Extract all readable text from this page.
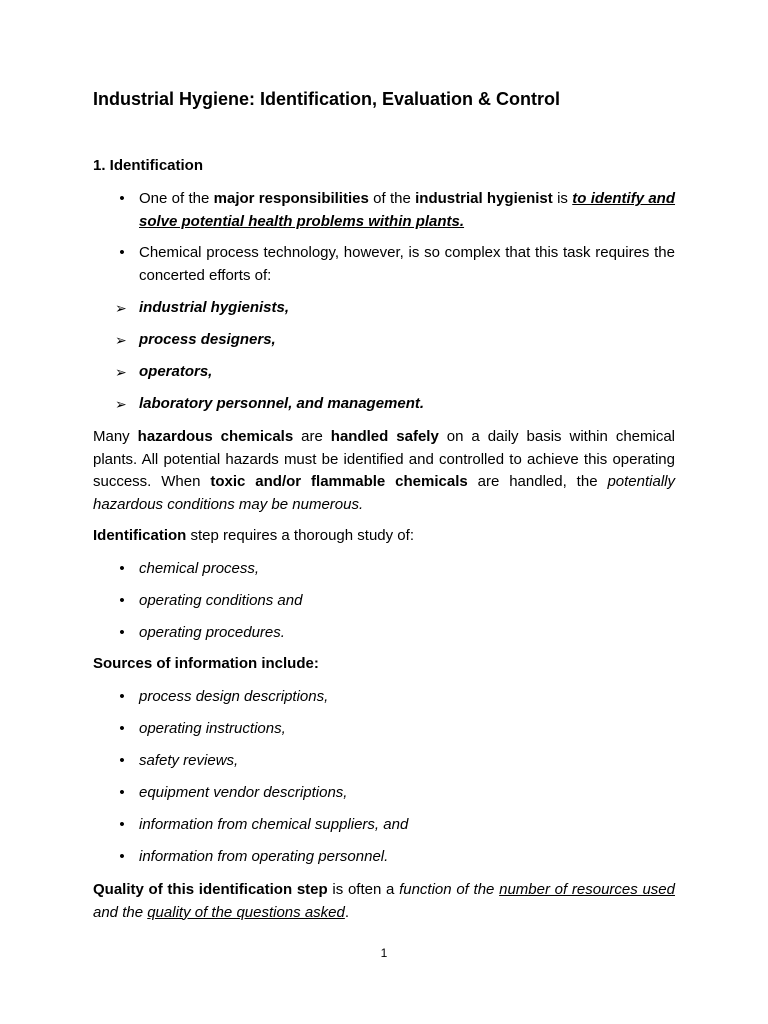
Industrial Hygiene: Identification, Evaluation & Control
1. Identification
• One of the major responsibilities of the industrial hygienist is to identify and solve potential health problems within plants.
• Chemical process technology, however, is so complex that this task requires the concerted efforts of:
➢ industrial hygienists,
➢ process designers,
➢ operators,
➢ laboratory personnel, and management.
Many hazardous chemicals are handled safely on a daily basis within chemical plants. All potential hazards must be identified and controlled to achieve this operating success. When toxic and/or flammable chemicals are handled, the potentially hazardous conditions may be numerous.
Identification step requires a thorough study of:
• chemical process,
• operating conditions and
• operating procedures.
Sources of information include:
• process design descriptions,
• operating instructions,
• safety reviews,
• equipment vendor descriptions,
• information from chemical suppliers, and
• information from operating personnel.
Quality of this identification step is often a function of the number of resources used and the quality of the questions asked.
1
